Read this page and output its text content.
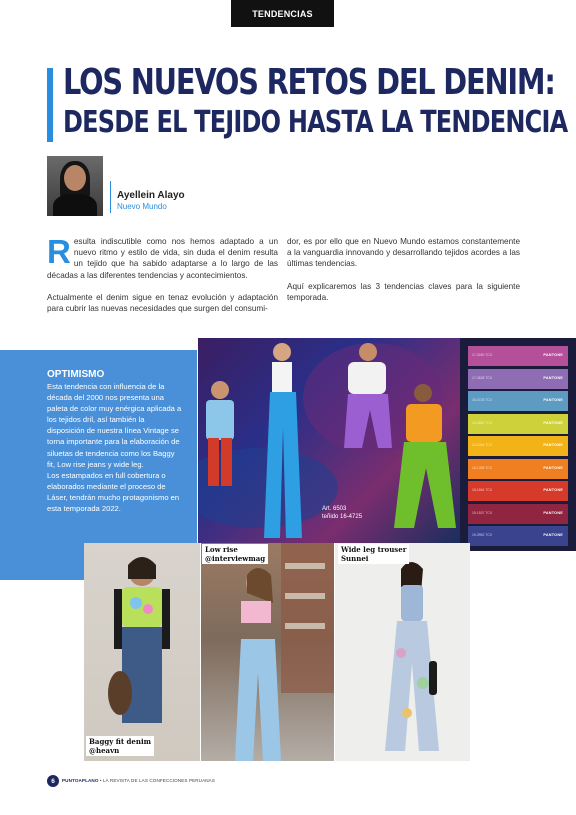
TENDENCIAS
LOS NUEVOS RETOS DEL DENIM:
DESDE EL TEJIDO HASTA LA TENDENCIA
Ayellein Alayo
Nuevo Mundo

Resulta indiscutible como nos hemos adaptado a un nuevo ritmo y estilo de vida, sin duda el denim resulta un tejido que ha sabido adaptarse a lo largo de las décadas a las diferentes tendencias y acontecimientos.

Actualmente el denim sigue en tenaz evolución y adaptación para cubrir las nuevas necesidades que surgen del consumi-

dor, es por ello que en Nuevo Mundo estamos constantemente a la vanguardia innovando y desarrollando tejidos acordes a las últimas tendencias.

Aquí explicaremos las 3 tendencias claves para la siguiente temporada.

OPTIMISMO
Esta tendencia con influencia de la década del 2000 nos presenta una paleta de color muy enérgica aplicada a los tejidos dril, así también la disposición de nuestra línea Vintage se torna importante para la elaboración de siluetas de tendencia como los Baggy fit, Low rise jeans y wide leg.
Los estampados en full cobertura o elaborados mediante el proceso de Láser, tendrán mucho protagonismo en esta temporada 2022.	Art. 6503
teñido 16-4725
17-3240 TCX	PANTONE
17-3628 TCX	PANTONE
16-4725 TCX	PANTONE
14-0852 TCX	PANTONE
14-1064 TCX	PANTONE
16-1358 TCX	PANTONE
18-1664 TCX	PANTONE
19-1537 TCX	PANTONE
19-3952 TCX	PANTONE
Baggy fit denim
@heavn
Low rise
@interviewmag
Wide leg trouser
Sunnei
6	PUNTOAPLANO • LA REVISTA DE LAS CONFECCIONES PERUANAS
